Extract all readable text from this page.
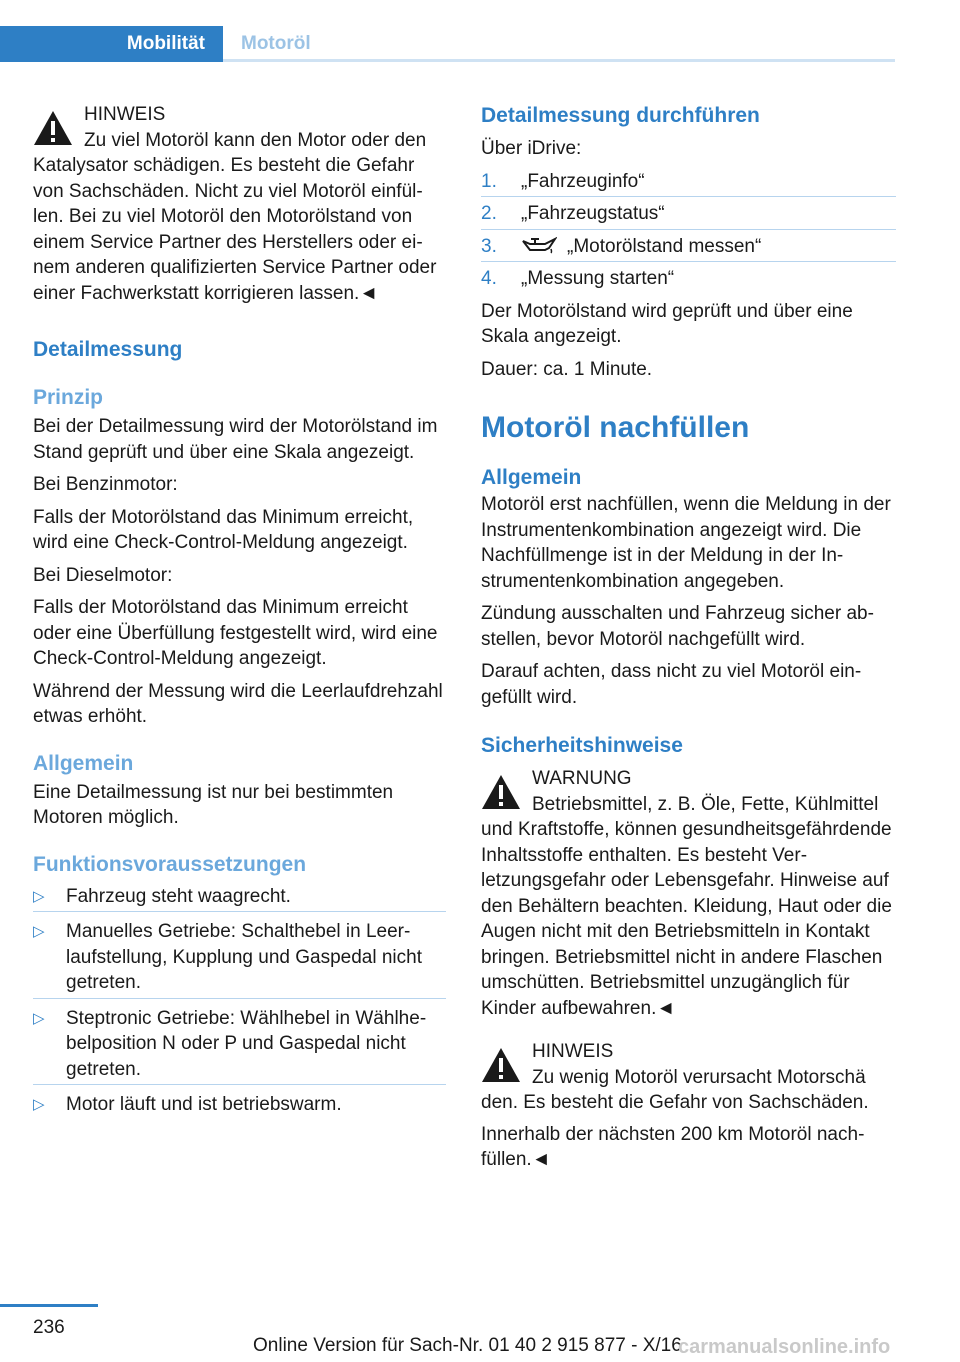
Mobilität Motoröl
HINWEIS
Zu viel Motoröl kann den Motor oder den
Katalysator schädigen. Es besteht die Gefahr von Sachschäden. Nicht zu viel Motoröl einfüllen. Bei zu viel Motoröl den Motorölstand von einem Service Partner des Herstellers oder einem anderen qualifizierten Service Partner oder einer Fachwerkstatt korrigieren lassen.◄
Detailmessung
Prinzip

Bei der Detailmessung wird der Motorölstand im Stand geprüft und über eine Skala angezeigt.

Bei Benzinmotor:

Falls der Motorölstand das Minimum erreicht, wird eine Check-Control-Meldung angezeigt.

Bei Dieselmotor:

Falls der Motorölstand das Minimum erreicht oder eine Überfüllung festgestellt wird, wird eine Check-Control-Meldung angezeigt.

Während der Messung wird die Leerlaufdrehzahl etwas erhöht.

Allgemein

Eine Detailmessung ist nur bei bestimmten Motoren möglich.

Funktionsvoraussetzungen
▷ Fahrzeug steht waagrecht.
▷ Manuelles Getriebe: Schalthebel in Leerlaufstellung, Kupplung und Gaspedal nicht getreten.
▷ Steptronic Getriebe: Wählhebel in Wählhebelposition N oder P und Gaspedal nicht getreten.
▷ Motor läuft und ist betriebswarm.
Detailmessung durchführen

Über iDrive:

1. „Fahrzeuginfo“
2. „Fahrzeugstatus“
3.	„Motorölstand messen“
4. „Messung starten“

Der Motorölstand wird geprüft und über eine Skala angezeigt.

Dauer: ca. 1 Minute.

Motoröl nachfüllen
Allgemein

Motoröl erst nachfüllen, wenn die Meldung in der Instrumentenkombination angezeigt wird. Die Nachfüllmenge ist in der Meldung in der Instrumentenkombination angegeben.

Zündung ausschalten und Fahrzeug sicher abstellen, bevor Motoröl nachgefüllt wird.

Darauf achten, dass nicht zu viel Motoröl eingefüllt wird.

Sicherheitshinweise
WARNUNG
Betriebsmittel, z. B. Öle, Fette, Kühlmittel
und Kraftstoffe, können gesundheitsgefährdende Inhaltsstoffe enthalten. Es besteht Verletzungsgefahr oder Lebensgefahr. Hinweise auf den Behältern beachten. Kleidung, Haut oder die Augen nicht mit den Betriebsmitteln in Kontakt bringen. Betriebsmittel nicht in andere Flaschen umschütten. Betriebsmittel unzugänglich für Kinder aufbewahren.◄
HINWEIS
Zu wenig Motoröl verursacht Motorschä
den. Es besteht die Gefahr von Sachschäden.

Innerhalb der nächsten 200 km Motoröl nachfüllen.◄

236
Online Version für Sach-Nr. 01 40 2 915 877 - X/16
carmanualsonline.info
